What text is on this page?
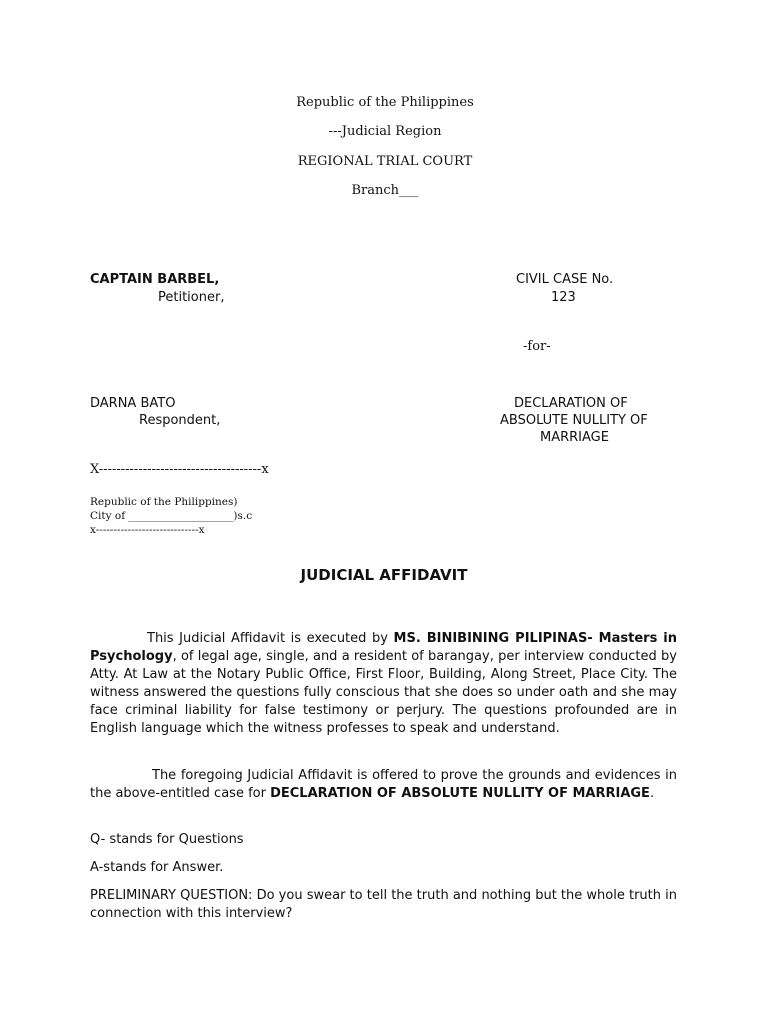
Republic of the Philippines
---Judicial Region
REGIONAL TRIAL COURT
Branch___
CAPTAIN BARBEL,
Petitioner,
CIVIL CASE No.
123
-for-
DARNA BATO
Respondent,
DECLARATION OF
ABSOLUTE NULLITY OF
MARRIAGE
X-------------------------------------x
Republic of the Philippines)
City of ____________________)s.c
x-----------------------------x
JUDICIAL AFFIDAVIT
This Judicial Affidavit is executed by MS. BINIBINING PILIPINAS- Masters in Psychology, of legal age, single, and a resident of barangay, per interview conducted by Atty. At Law at the Notary Public Office, First Floor, Building, Along Street, Place City. The witness answered the questions fully conscious that she does so under oath and she may face criminal liability for false testimony or perjury. The questions profounded are in English language which the witness professes to speak and understand.
The foregoing Judicial Affidavit is offered to prove the grounds and evidences in the above-entitled case for DECLARATION OF ABSOLUTE NULLITY OF MARRIAGE.
Q- stands for Questions
A-stands for Answer.
PRELIMINARY QUESTION: Do you swear to tell the truth and nothing but the whole truth in connection with this interview?
